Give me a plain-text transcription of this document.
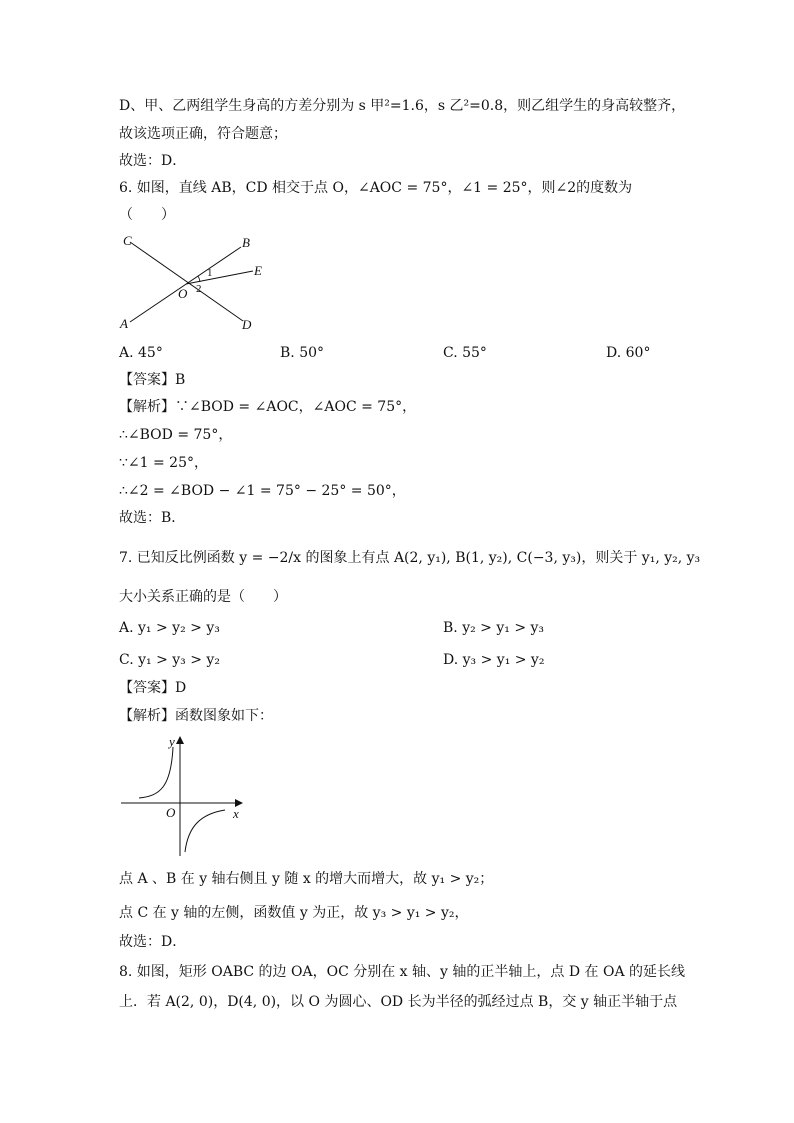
D、甲、乙两组学生身高的方差分别为 s 甲²=1.6，s 乙²=0.8，则乙组学生的身高较整齐，
故该选项正确，符合题意；
故选：D．
6. 如图，直线 AB，CD 相交于点 O，∠AOC = 75°，∠1 = 25°，则∠2的度数为
（　　）
C	B
E
O
A	D
1
2
A. 45°	B. 50°	C. 55°	D. 60°
【答案】B
【解析】∵∠BOD = ∠AOC，∠AOC = 75°，
∴∠BOD = 75°，
∵∠1 = 25°，
∴∠2 = ∠BOD − ∠1 = 75° − 25° = 50°，
故选：B．
7. 已知反比例函数 y = −2/x 的图象上有点 A(2, y₁), B(1, y₂), C(−3, y₃)，则关于 y₁, y₂, y₃
大小关系正确的是（　　）
A. y₁ > y₂ > y₃	B. y₂ > y₁ > y₃
C. y₁ > y₃ > y₂	D. y₃ > y₁ > y₂
【答案】D
【解析】函数图象如下：
y
x
O
点 A 、B 在 y 轴右侧且 y 随 x 的增大而增大，故 y₁ > y₂；
点 C 在 y 轴的左侧，函数值 y 为正，故 y₃ > y₁ > y₂，
故选：D．
8. 如图，矩形 OABC 的边 OA，OC 分别在 x 轴、y 轴的正半轴上，点 D 在 OA 的延长线
上．若 A(2, 0)，D(4, 0)，以 O 为圆心、OD 长为半径的弧经过点 B，交 y 轴正半轴于点
